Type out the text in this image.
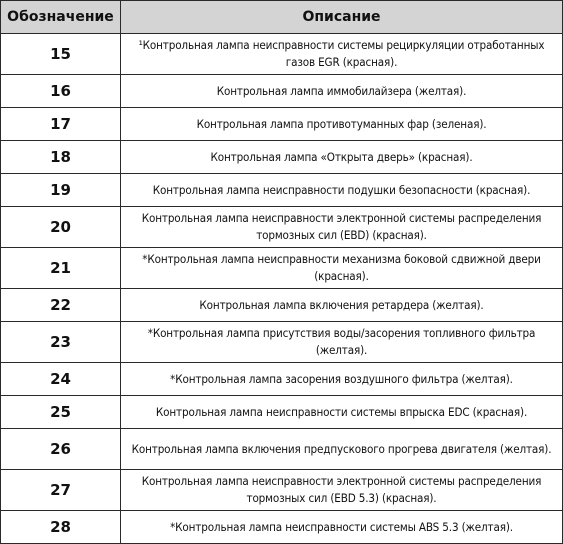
Обозначение	Описание
15	¹Контрольная лампа неисправности системы рециркуляции отработанных газов EGR (красная).
16	Контрольная лампа иммобилайзера (желтая).
17	Контрольная лампа противотуманных фар (зеленая).
18	Контрольная лампа «Открыта дверь» (красная).
19	Контрольная лампа неисправности подушки безопасности (красная).
20	Контрольная лампа неисправности электронной системы распределения тормозных сил (EBD) (красная).
21	*Контрольная лампа неисправности механизма боковой сдвижной двери (красная).
22	Контрольная лампа включения ретардера (желтая).
23	*Контрольная лампа присутствия воды/засорения топливного фильтра (желтая).
24	*Контрольная лампа засорения воздушного фильтра (желтая).
25	Контрольная лампа неисправности системы впрыска EDC (красная).
26	Контрольная лампа включения предпускового прогрева двигателя (желтая).
27	Контрольная лампа неисправности электронной системы распределения тормозных сил (EBD 5.3) (красная).
28	*Контрольная лампа неисправности системы ABS 5.3 (желтая).
